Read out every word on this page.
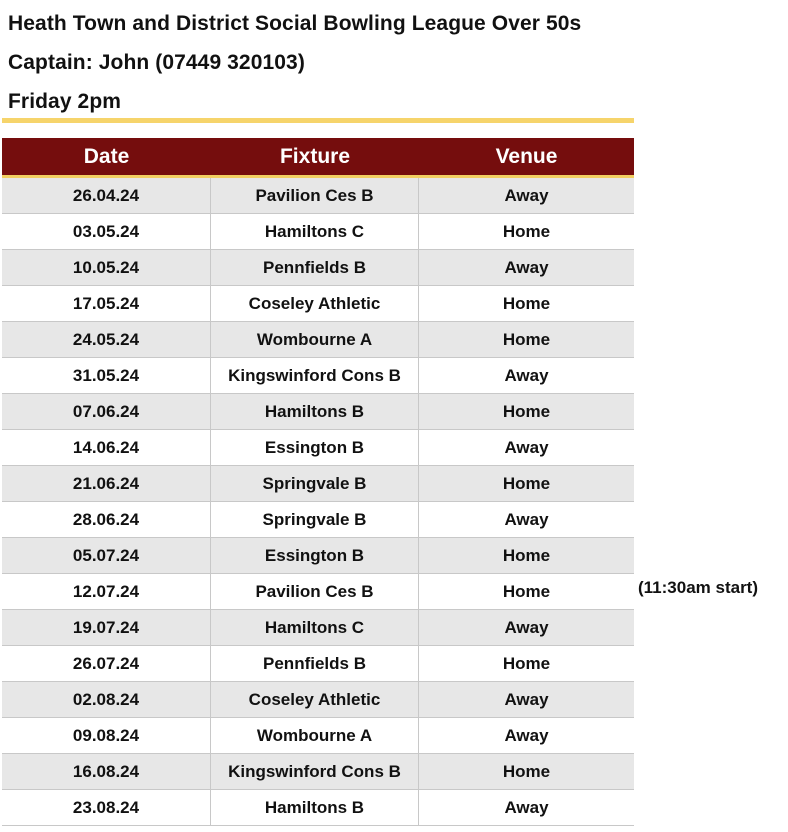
Heath Town and District Social Bowling League Over 50s
Captain: John (07449 320103)
Friday 2pm
Date	Fixture	Venue
26.04.24	Pavilion Ces B	Away
03.05.24	Hamiltons C	Home
10.05.24	Pennfields B	Away
17.05.24	Coseley Athletic	Home
24.05.24	Wombourne A	Home
31.05.24	Kingswinford Cons B	Away
07.06.24	Hamiltons B	Home
14.06.24	Essington B	Away
21.06.24	Springvale B	Home
28.06.24	Springvale B	Away
05.07.24	Essington B	Home
12.07.24	Pavilion Ces B	Home
19.07.24	Hamiltons C	Away
26.07.24	Pennfields B	Home
02.08.24	Coseley Athletic	Away
09.08.24	Wombourne A	Away
16.08.24	Kingswinford Cons B	Home
23.08.24	Hamiltons B	Away
(11:30am start)
